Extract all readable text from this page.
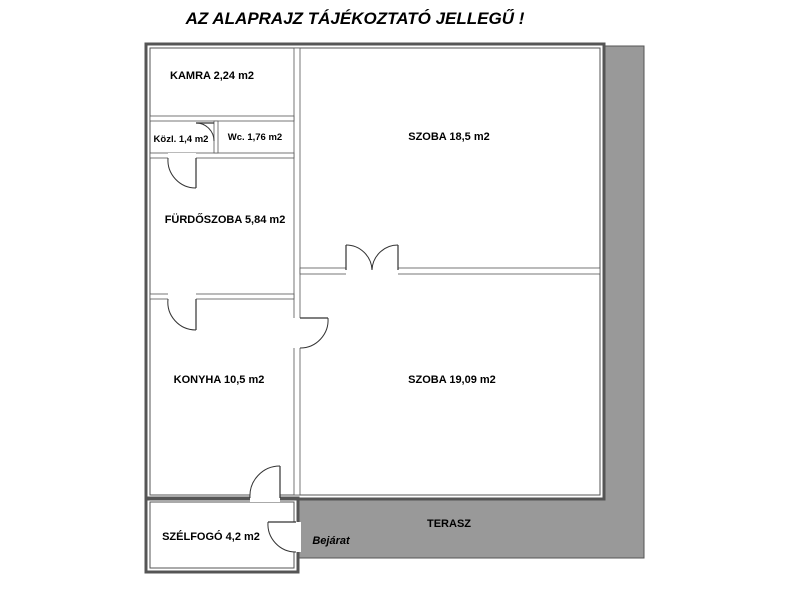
AZ ALAPRAJZ TÁJÉKOZTATÓ JELLEGŰ !
KAMRA 2,24 m2
Közl. 1,4 m2 Wc. 1,76 m2
FÜRDŐSZOBA 5,84 m2
KONYHA 10,5 m2
SZÉLFOGÓ 4,2 m2
SZOBA 18,5 m2
SZOBA 19,09 m2
TERASZ
Bejárat
